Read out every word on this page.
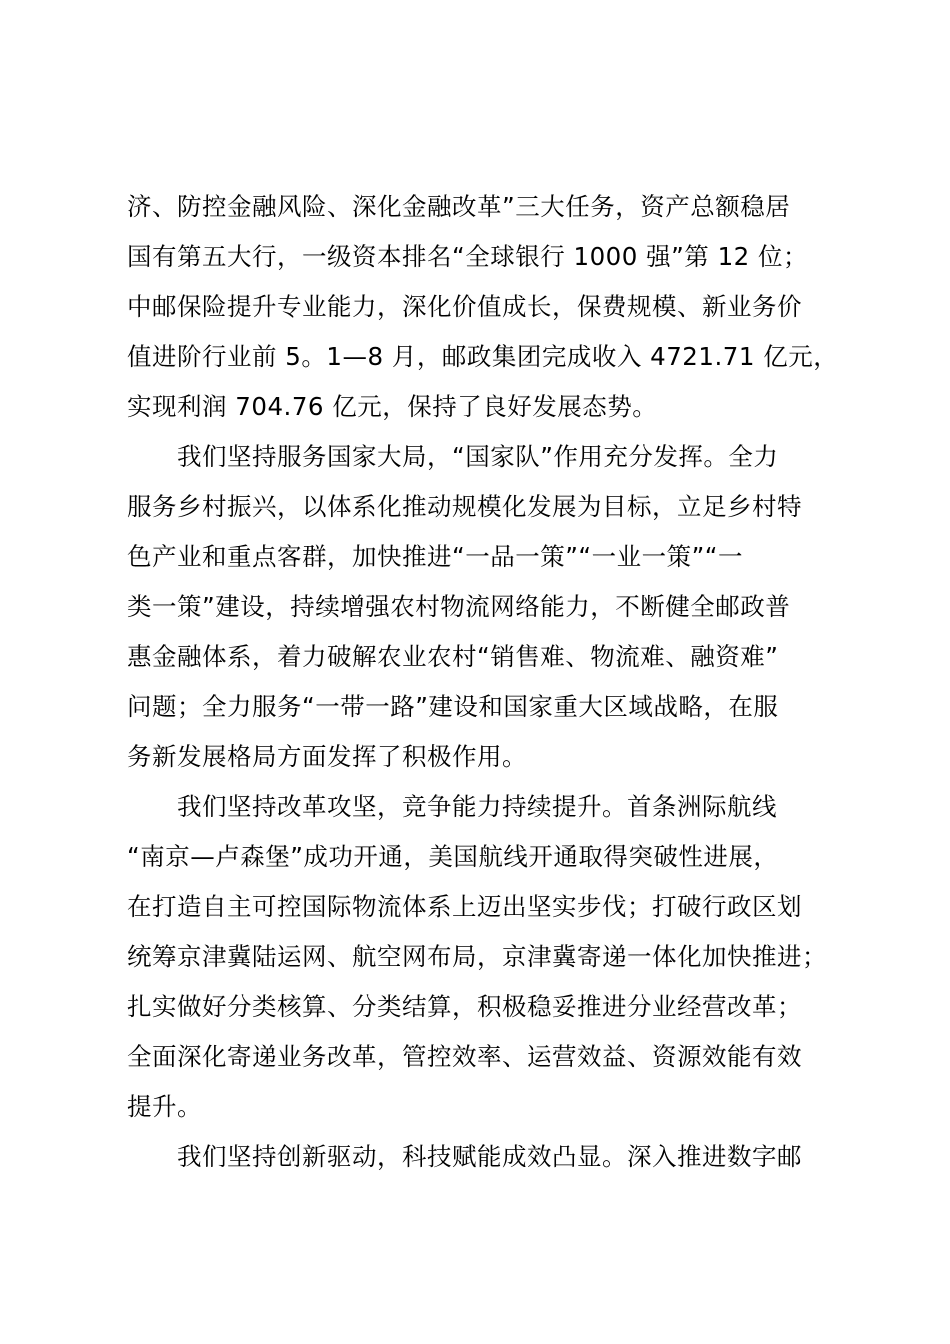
济、防控金融风险、深化金融改革”三大任务，资产总额稳居
国有第五大行，一级资本排名“全球银行 1000 强”第 12 位；
中邮保险提升专业能力，深化价值成长，保费规模、新业务价
值进阶行业前 5。1—8 月，邮政集团完成收入 4721.71 亿元，
实现利润 704.76 亿元，保持了良好发展态势。
我们坚持服务国家大局，“国家队”作用充分发挥。全力
服务乡村振兴，以体系化推动规模化发展为目标，立足乡村特
色产业和重点客群，加快推进“一品一策”“一业一策”“一
类一策”建设，持续增强农村物流网络能力，不断健全邮政普
惠金融体系，着力破解农业农村“销售难、物流难、融资难”
问题；全力服务“一带一路”建设和国家重大区域战略，在服
务新发展格局方面发挥了积极作用。
我们坚持改革攻坚，竞争能力持续提升。首条洲际航线
“南京—卢森堡”成功开通，美国航线开通取得突破性进展，
在打造自主可控国际物流体系上迈出坚实步伐；打破行政区划
统筹京津冀陆运网、航空网布局，京津冀寄递一体化加快推进；
扎实做好分类核算、分类结算，积极稳妥推进分业经营改革；
全面深化寄递业务改革，管控效率、运营效益、资源效能有效
提升。
我们坚持创新驱动，科技赋能成效凸显。深入推进数字邮
